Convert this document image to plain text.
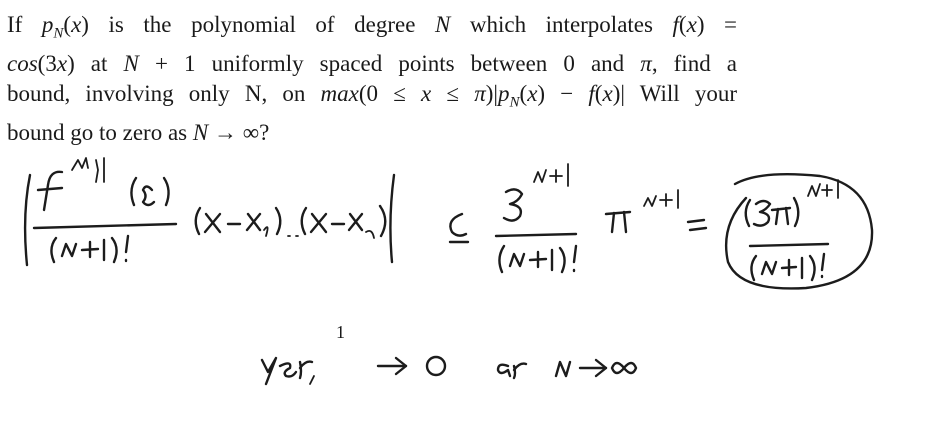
If $p_N(x)$ is the polynomial of degree N which interpolates f(x) =
cos(3x) at N + 1 uniformly spaced points between 0 and π, find a
bound, involving only N, on $\max(0 \le x \le \pi)|p_N(x) - f(x)|$ Will your
bound go to zero as N → ∞?
1
